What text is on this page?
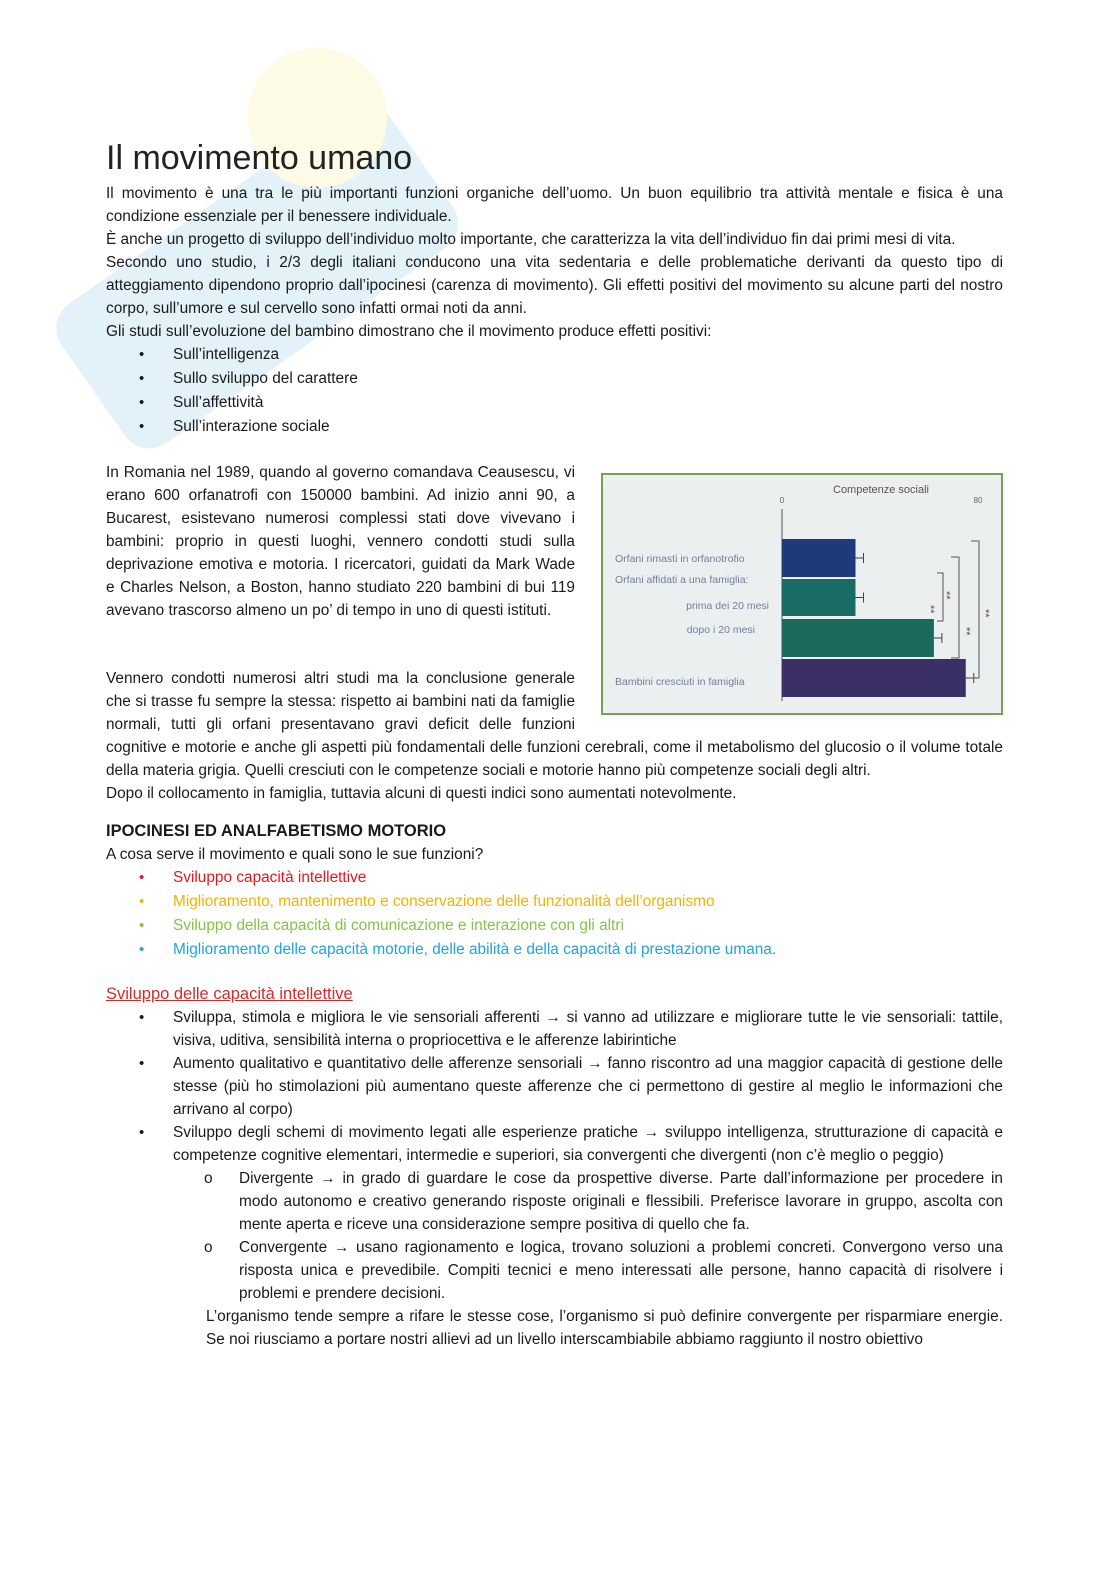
Il movimento umano

Il movimento è una tra le più importanti funzioni organiche dell’uomo. Un buon equilibrio tra attività mentale e fisica è una condizione essenziale per il benessere individuale.

È anche un progetto di sviluppo dell’individuo molto importante, che caratterizza la vita dell’individuo fin dai primi mesi di vita.

Secondo uno studio, i 2/3 degli italiani conducono una vita sedentaria e delle problematiche derivanti da questo tipo di atteggiamento dipendono proprio dall’ipocinesi (carenza di movimento). Gli effetti positivi del movimento su alcune parti del nostro corpo, sull’umore e sul cervello sono infatti ormai noti da anni.

Gli studi sull’evoluzione del bambino dimostrano che il movimento produce effetti positivi:

• Sull’intelligenza
• Sullo sviluppo del carattere
• Sull’affettività
• Sull’interazione sociale
Competenze sociali
0	80
Orfani affidati a una famiglia:
Orfani rimasti in orfanotrofio
prima dei 20 mesi
dopo i 20 mesi
Bambini cresciuti in famiglia
**
**
**
**

In Romania nel 1989, quando al governo comandava Ceausescu, vi erano 600 orfanatrofi con 150000 bambini. Ad inizio anni 90, a Bucarest, esistevano numerosi complessi stati dove vivevano i bambini: proprio in questi luoghi, vennero condotti studi sulla deprivazione emotiva e motoria. I ricercatori, guidati da Mark Wade e Charles Nelson, a Boston, hanno studiato 220 bambini di bui 119 avevano trascorso almeno un po’ di tempo in uno di questi istituti.

Vennero condotti numerosi altri studi ma la conclusione generale che si trasse fu sempre la stessa: rispetto ai bambini nati da famiglie normali, tutti gli orfani presentavano gravi deficit delle funzioni cognitive e motorie e anche gli aspetti più fondamentali delle funzioni cerebrali, come il metabolismo del glucosio o il volume totale della materia grigia. Quelli cresciuti con le competenze sociali e motorie hanno più competenze sociali degli altri.

Dopo il collocamento in famiglia, tuttavia alcuni di questi indici sono aumentati notevolmente.

IPOCINESI ED ANALFABETISMO MOTORIO

A cosa serve il movimento e quali sono le sue funzioni?

• Sviluppo capacità intellettive
• Miglioramento, mantenimento e conservazione delle funzionalità dell’organismo
• Sviluppo della capacità di comunicazione e interazione con gli altri
• Miglioramento delle capacità motorie, delle abilità e della capacità di prestazione umana.
Sviluppo delle capacità intellettive
• Sviluppa, stimola e migliora le vie sensoriali afferenti → si vanno ad utilizzare e migliorare tutte le vie sensoriali: tattile, visiva, uditiva, sensibilità interna o propriocettiva e le afferenze labirintiche
• Aumento qualitativo e quantitativo delle afferenze sensoriali → fanno riscontro ad una maggior capacità di gestione delle stesse (più ho stimolazioni più aumentano queste afferenze che ci permettono di gestire al meglio le informazioni che arrivano al corpo)
• Sviluppo degli schemi di movimento legati alle esperienze pratiche → sviluppo intelligenza, strutturazione di capacità e competenze cognitive elementari, intermedie e superiori, sia convergenti che divergenti (non c’è meglio o peggio)
o Divergente → in grado di guardare le cose da prospettive diverse. Parte dall’informazione per procedere in modo autonomo e creativo generando risposte originali e flessibili. Preferisce lavorare in gruppo, ascolta con mente aperta e riceve una considerazione sempre positiva di quello che fa.
o Convergente → usano ragionamento e logica, trovano soluzioni a problemi concreti. Convergono verso una risposta unica e prevedibile. Compiti tecnici e meno interessati alle persone, hanno capacità di risolvere i problemi e prendere decisioni.

L’organismo tende sempre a rifare le stesse cose, l’organismo si può definire convergente per risparmiare energie. Se noi riusciamo a portare nostri allievi ad un livello interscambiabile abbiamo raggiunto il nostro obiettivo
